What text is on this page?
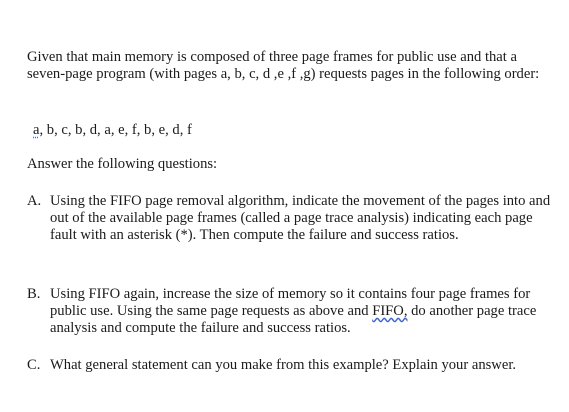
Given that main memory is composed of three page frames for public use and that a seven-page program (with pages a, b, c, d ,e ,f ,g) requests pages in the following order:

a, b, c, b, d, a, e, f, b, e, d, f

Answer the following questions:

A. Using the FIFO page removal algorithm, indicate the movement of the pages into and out of the available page frames (called a page trace analysis) indicating each page fault with an asterisk (*). Then compute the failure and success ratios.

B. Using FIFO again, increase the size of memory so it contains four page frames for public use. Using the same page requests as above and FIFO, do another page trace analysis and compute the failure and success ratios.

C. What general statement can you make from this example? Explain your answer.
